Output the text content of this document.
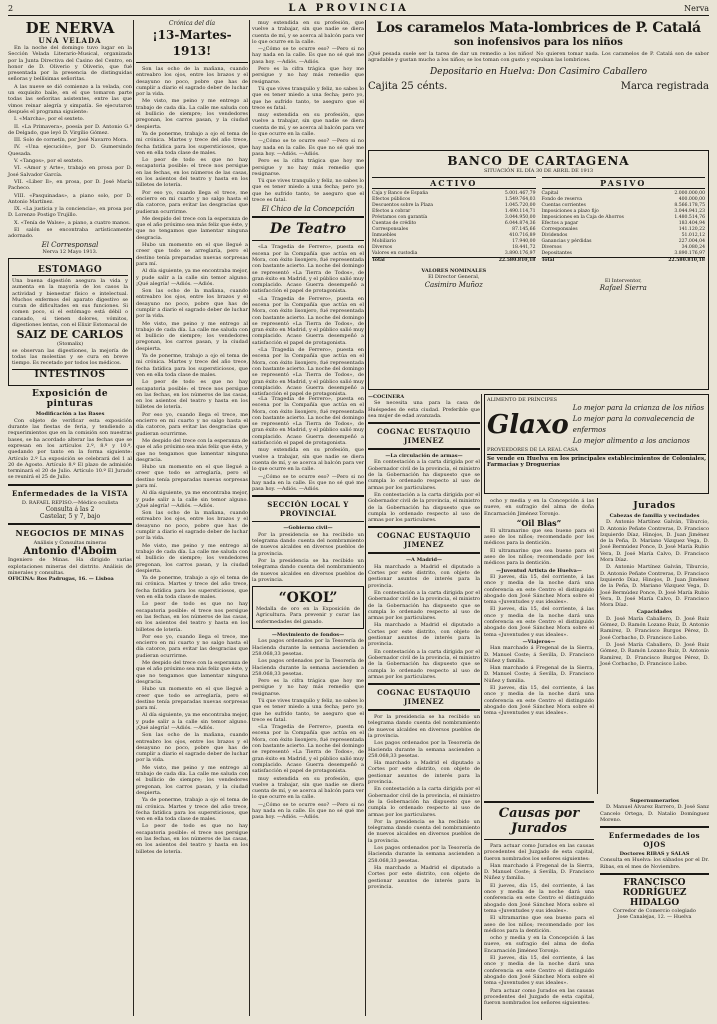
2	LA PROVINCIA	Nerva
DE NERVA
UNA VELADA

En la noche del domingo tuvo lugar en la Sección Velada Literario-Musical, organizada por la Junta Directiva del Casino del Centro, en honor de D. Oliverio y Oliverio, que fué presentada por la presencia de distinguidas señoras y bellísimas señoritas.

A las nueve se dió comienzo a la velada, con un exquisito baile, en el que tomaron parte todas las señoritas asistentes, entre las que vimos reinar alegría y simpatía. Se ejecutaron después el programa siguiente:

I. «Marcha», por el sexteto.

II. «La Primavera», poesía por D. Antonio G.ª de Delgado, que leyó D. Virgilio Gómez.

III. Solo de cornetín, por José Navarro Mora.

IV. «Una ejecución», por D. Gumersindo Quesada.

V. «Tangos», por el sexteto.

VI. «Amor y Arte», trabajo en prosa por D. José Salvador García.

VII. «Liber Il», en prosa, por D. José María Pacheco.

VIII. «Pasquinadas», a piano solo, por D. Antonio Martínez.

IX. «La justicia y la conciencia», en prosa por D. Lorenzo Postigo Trujillo.

X. «Tenía de Walse», a piano, a cuatro manos.

El salón se encontraba artísticamente adornado.

El Corresponsal
Nerva 12 Mayo 1913.
ESTOMAGO
Una buena digestión asegura la vida y aumenta en la mayoría de los casos la actividad y bienestar físico e intelectual. Muchos enfermos del aparato digestivo se curan de dificultades en sus funciones. Si comen poco, si el estómago está débil o cansado, si tienen dolores, vómitos, digestiones lentas, con el Elixir Estomacal de
SAIZ DE CARLOS
(Stomalix)
se observan las digestiones, la mejoría de todas las molestias y se cura en breve tiempo. Es recetado por todos los médicos.
INTESTINOS
Exposición de pinturas
Modificación a las Bases

Con objeto de verificar esta exposición durante las fiestas de feria, y tendiendo a requerimientos que en la comisión son nuestras bases, se ha acordado alterar las fechas que se expresan en los artículos 2.º, 8.º y 10.º, quedando por tanto en la forma siguiente: Artículo 2.º La exposición se celebrará del 1 al 20 de Agosto. Artículo 8.º El plazo de admisión terminará el 20 de Julio. Artículo 10.º El Jurado se reunirá el 25 de Julio.

Enfermedades de la VISTA
D. RAFAEL REPISO.—Médico oculista
Consulta á las 2
Castelar, 5 y 7, bajo
NEGOCIOS DE MINAS
Análisis y Consultas mineras
Antonio d'Aboim
Ingeniero de Minas. Ha dirigido varias explotaciones mineras del distrito. Análisis de minerales y consultas.
OFICINA: Ros Padrugas, 16. — Lisboa
Crónica del día
¡13-Martes-1913!

Son las ocho de la mañana, cuando entreabro los ojos, entre los brazos y el desayuno no poco, pobre que has de cumplir a diario el sagrado deber de luchar por la vida.

Me visto, me peino y me entrego al trabajo de cada día. La calle me saluda con el bullicio de siempre; los vendedores pregonan, los carros pasan, y la ciudad despierta.

Ya de ponerme, trabajo a ojo el tema de mi crónica. Martes y trece del año trece, fecha fatídica para los supersticiosos, que ven en ella toda clase de males.

Lo peor de todo es que no hay escapatoria posible: el trece nos persigue en las fechas, en los números de las casas, en los asientos del teatro y hasta en los billetes de lotería.

Por eso yo, cuando llega el trece, me encierro en mi cuarto y no salgo hasta el día catorce, para evitar las desgracias que pudieran ocurrirme.

Me despido del trece con la esperanza de que el año próximo sea más feliz que éste, y que no tengamos que lamentar ninguna desgracia.

Hubo un momento en el que llegué a creer que todo se arreglaría, pero el destino tenía preparadas nuevas sorpresas para mí.

Al día siguiente, ya me encontraba mejor, y pude salir a la calle sin temor alguno. ¡Qué alegría! —Adiós. —Adiós.

Son las ocho de la mañana, cuando entreabro los ojos, entre los brazos y el desayuno no poco, pobre que has de cumplir a diario el sagrado deber de luchar por la vida.

Me visto, me peino y me entrego al trabajo de cada día. La calle me saluda con el bullicio de siempre; los vendedores pregonan, los carros pasan, y la ciudad despierta.

Ya de ponerme, trabajo a ojo el tema de mi crónica. Martes y trece del año trece, fecha fatídica para los supersticiosos, que ven en ella toda clase de males.

Lo peor de todo es que no hay escapatoria posible: el trece nos persigue en las fechas, en los números de las casas, en los asientos del teatro y hasta en los billetes de lotería.

Por eso yo, cuando llega el trece, me encierro en mi cuarto y no salgo hasta el día catorce, para evitar las desgracias que pudieran ocurrirme.

Me despido del trece con la esperanza de que el año próximo sea más feliz que éste, y que no tengamos que lamentar ninguna desgracia.

Hubo un momento en el que llegué a creer que todo se arreglaría, pero el destino tenía preparadas nuevas sorpresas para mí.

Al día siguiente, ya me encontraba mejor, y pude salir a la calle sin temor alguno. ¡Qué alegría! —Adiós. —Adiós.

Son las ocho de la mañana, cuando entreabro los ojos, entre los brazos y el desayuno no poco, pobre que has de cumplir a diario el sagrado deber de luchar por la vida.

Me visto, me peino y me entrego al trabajo de cada día. La calle me saluda con el bullicio de siempre; los vendedores pregonan, los carros pasan, y la ciudad despierta.

Ya de ponerme, trabajo a ojo el tema de mi crónica. Martes y trece del año trece, fecha fatídica para los supersticiosos, que ven en ella toda clase de males.

Lo peor de todo es que no hay escapatoria posible: el trece nos persigue en las fechas, en los números de las casas, en los asientos del teatro y hasta en los billetes de lotería.

Por eso yo, cuando llega el trece, me encierro en mi cuarto y no salgo hasta el día catorce, para evitar las desgracias que pudieran ocurrirme.

Me despido del trece con la esperanza de que el año próximo sea más feliz que éste, y que no tengamos que lamentar ninguna desgracia.

Hubo un momento en el que llegué a creer que todo se arreglaría, pero el destino tenía preparadas nuevas sorpresas para mí.

Al día siguiente, ya me encontraba mejor, y pude salir a la calle sin temor alguno. ¡Qué alegría! —Adiós. —Adiós.

Son las ocho de la mañana, cuando entreabro los ojos, entre los brazos y el desayuno no poco, pobre que has de cumplir a diario el sagrado deber de luchar por la vida.

Me visto, me peino y me entrego al trabajo de cada día. La calle me saluda con el bullicio de siempre; los vendedores pregonan, los carros pasan, y la ciudad despierta.

Ya de ponerme, trabajo a ojo el tema de mi crónica. Martes y trece del año trece, fecha fatídica para los supersticiosos, que ven en ella toda clase de males.

Lo peor de todo es que no hay escapatoria posible: el trece nos persigue en las fechas, en los números de las casas, en los asientos del teatro y hasta en los billetes de lotería.

muy extendida en su profesión, que vuelve a trabajar, sin que nadie se diera cuenta de mí, y se acerca al balcón para ver lo que ocurre en la calle.

—¿Cómo se te ocurre eso? —Pero si no hay nada en la calle. Es que no sé qué me pasa hoy. —Adiós. —Adiós.

Pero es la cifra trágica que hoy me persigue y no hay más remedio que resignarse.

Tú que vives tranquilo y feliz, no sabes lo que es tener miedo a una fecha; pero yo, que he sufrido tanto, te aseguro que el trece es fatal.

muy extendida en su profesión, que vuelve a trabajar, sin que nadie se diera cuenta de mí, y se acerca al balcón para ver lo que ocurre en la calle.

—¿Cómo se te ocurre eso? —Pero si no hay nada en la calle. Es que no sé qué me pasa hoy. —Adiós. —Adiós.

Pero es la cifra trágica que hoy me persigue y no hay más remedio que resignarse.

Tú que vives tranquilo y feliz, no sabes lo que es tener miedo a una fecha; pero yo, que he sufrido tanto, te aseguro que el trece es fatal.

El Chico de la Concepción
De Teatro

«La Tragedia de Ferrero», puesta en escena por la Compañía que actúa en el Mora, con éxito lisonjero, fué representada con bastante acierto. La noche del domingo se representó «La Tierra de Todos», de gran éxito en Madrid, y el público salió muy complacido. Acaso Guerra desempeñó a satisfacción el papel de protagonista.

«La Tragedia de Ferrero», puesta en escena por la Compañía que actúa en el Mora, con éxito lisonjero, fué representada con bastante acierto. La noche del domingo se representó «La Tierra de Todos», de gran éxito en Madrid, y el público salió muy complacido. Acaso Guerra desempeñó a satisfacción el papel de protagonista.

«La Tragedia de Ferrero», puesta en escena por la Compañía que actúa en el Mora, con éxito lisonjero, fué representada con bastante acierto. La noche del domingo se representó «La Tierra de Todos», de gran éxito en Madrid, y el público salió muy complacido. Acaso Guerra desempeñó a satisfacción el papel de protagonista.

«La Tragedia de Ferrero», puesta en escena por la Compañía que actúa en el Mora, con éxito lisonjero, fué representada con bastante acierto. La noche del domingo se representó «La Tierra de Todos», de gran éxito en Madrid, y el público salió muy complacido. Acaso Guerra desempeñó a satisfacción el papel de protagonista.

muy extendida en su profesión, que vuelve a trabajar, sin que nadie se diera cuenta de mí, y se acerca al balcón para ver lo que ocurre en la calle.

—¿Cómo se te ocurre eso? —Pero si no hay nada en la calle. Es que no sé qué me pasa hoy. —Adiós. —Adiós.

SECCIÓN LOCAL Y PROVINCIAL
—Gobierno civil—

Por la presidencia se ha recibido un telegrama dando cuenta del nombramiento de nuevos alcaldes en diversos pueblos de la provincia.

Por la presidencia se ha recibido un telegrama dando cuenta del nombramiento de nuevos alcaldes en diversos pueblos de la provincia.

“OKOL”
Medalla de oro en la Exposición de Agricultura. Para prevenir y curar las enfermedades del ganado.
—Movimiento de fondos—

Los pagos ordenados por la Tesorería de Hacienda durante la semana ascienden a 258.068,33 pesetas.

Los pagos ordenados por la Tesorería de Hacienda durante la semana ascienden a 258.068,33 pesetas.

Pero es la cifra trágica que hoy me persigue y no hay más remedio que resignarse.

Tú que vives tranquilo y feliz, no sabes lo que es tener miedo a una fecha; pero yo, que he sufrido tanto, te aseguro que el trece es fatal.

«La Tragedia de Ferrero», puesta en escena por la Compañía que actúa en el Mora, con éxito lisonjero, fué representada con bastante acierto. La noche del domingo se representó «La Tierra de Todos», de gran éxito en Madrid, y el público salió muy complacido. Acaso Guerra desempeñó a satisfacción el papel de protagonista.

muy extendida en su profesión, que vuelve a trabajar, sin que nadie se diera cuenta de mí, y se acerca al balcón para ver lo que ocurre en la calle.

—¿Cómo se te ocurre eso? —Pero si no hay nada en la calle. Es que no sé qué me pasa hoy. —Adiós. —Adiós.

Los caramelos Mata-lombrices de P. Catalá
son inofensivos para los niños
¡Qué pesada suele ser la tarea de dar un remedio a los niños! No quieren tomar nada. Los caramelos de P. Catalá son de sabor agradable y gustan mucho a los niños; se los toman con gusto y expulsan las lombrices.
Depositario en Huelva: Don Casimiro Caballero
Cajita 25 cénts.	Marca registrada
BANCO DE CARTAGENA
SITUACIÓN EL DÍA 30 DE ABRIL DE 1913
ACTIVO
Caja y Banco de España	5.001.467,79
Efectos públicos	1.549.764,03
Descuentos sobre la Plaza	1.045.720,00
Efectos a cobrar	1.490.114,71
Préstamos con garantía	3.044.950,00
Cuentas de crédito	6.044.874,36
Corresponsales	87.145,66
Inmuebles	410.716,89
Mobiliario	17.940,00
Diversos	18.441,72
Valores en custodia	3.890.176,97
Total	22.580.810,18
VALORES NOMINALES
El Director General,
Casimiro Muñoz
PASIVO
Capital	2.000.000,00
Fondo de reserva	400.000,00
Cuentas corrientes	8.566.178,75
Imposiciones a plazo fijo	3.044.941,23
Imposiciones en la Caja de Ahorros	1.480.514,76
Efectos a pagar	183.404,94
Corresponsales	141.120,22
Dividendos	51.012,12
Ganancias y pérdidas	227.004,04
Diversos	34.080,24
Depositantes	3.890.176,97
Total	22.580.810,18
El Interventor,
Rafael Sierra
—COCINERA

Se necesita una para la casa de Huéspedes de esta ciudad. Preferible que sea mujer de edad avanzada.

COGNAC EUSTAQUIO JIMENEZ
—La circulación de armas—

En contestación a la carta dirigida por el Gobernador civil de la provincia, el ministro de la Gobernación ha dispuesto que se cumpla lo ordenado respecto al uso de armas por los particulares.

En contestación a la carta dirigida por el Gobernador civil de la provincia, el ministro de la Gobernación ha dispuesto que se cumpla lo ordenado respecto al uso de armas por los particulares.

COGNAC EUSTAQUIO JIMENEZ
—A Madrid—

Ha marchado a Madrid el diputado a Cortes por este distrito, con objeto de gestionar asuntos de interés para la provincia.

En contestación a la carta dirigida por el Gobernador civil de la provincia, el ministro de la Gobernación ha dispuesto que se cumpla lo ordenado respecto al uso de armas por los particulares.

Ha marchado a Madrid el diputado a Cortes por este distrito, con objeto de gestionar asuntos de interés para la provincia.

En contestación a la carta dirigida por el Gobernador civil de la provincia, el ministro de la Gobernación ha dispuesto que se cumpla lo ordenado respecto al uso de armas por los particulares.

COGNAC EUSTAQUIO JIMENEZ

Por la presidencia se ha recibido un telegrama dando cuenta del nombramiento de nuevos alcaldes en diversos pueblos de la provincia.

Los pagos ordenados por la Tesorería de Hacienda durante la semana ascienden a 258.068,33 pesetas.

Ha marchado a Madrid el diputado a Cortes por este distrito, con objeto de gestionar asuntos de interés para la provincia.

En contestación a la carta dirigida por el Gobernador civil de la provincia, el ministro de la Gobernación ha dispuesto que se cumpla lo ordenado respecto al uso de armas por los particulares.

Por la presidencia se ha recibido un telegrama dando cuenta del nombramiento de nuevos alcaldes en diversos pueblos de la provincia.

Los pagos ordenados por la Tesorería de Hacienda durante la semana ascienden a 258.068,33 pesetas.

Ha marchado a Madrid el diputado a Cortes por este distrito, con objeto de gestionar asuntos de interés para la provincia.

ALIMENTO DE PRÍNCIPES
Glaxo
Lo mejor para la crianza de los niños
Lo mejor para la convalecencia de enfermos
Lo mejor alimento a los ancianos
PROVEEDORES DE LA REAL CASA
Se vende en Huelva en los principales establecimientos de Coloniales, Farmacias y Droguerías

ocho y media y en la Concepción á las nueve, en sufragio del alma de doña Encarnación Jiménez Toronjo.

“Oil Blas”

El ultramarino que sea bueno para el aseo de los niños; recomendado por los médicos para la dentición.

El ultramarino que sea bueno para el aseo de los niños; recomendado por los médicos para la dentición.

—Juventud Artista de Huelva—

El jueves, día 15, del corriente, á las once y media de la noche dará una conferencia en este Centro el distinguido abogado don José Sánchez Mora sobre el tema «Juventudes y sus ideales».

El jueves, día 15, del corriente, á las once y media de la noche dará una conferencia en este Centro el distinguido abogado don José Sánchez Mora sobre el tema «Juventudes y sus ideales».

—Viajeros—

Han marchado á Fregenal de la Sierra, D. Manuel Coste; á Sevilla, D. Francisco Núñez y familia.

Han marchado á Fregenal de la Sierra, D. Manuel Coste; á Sevilla, D. Francisco Núñez y familia.

El jueves, día 15, del corriente, á las once y media de la noche dará una conferencia en este Centro el distinguido abogado don José Sánchez Mora sobre el tema «Juventudes y sus ideales».

Jurados
Cabezas de familia y vecindades

D. Antonio Martínez Galván, Tiburcio, D. Antonio Peñate Contreras, D. Francisco Izquierdo Díaz, Hinojos, D. Juan Jiménez de la Peña, D. Mariano Vázquez Vega, D. José Bermúdez Ponce, D. José María Rubio Vera, D. José María Calvo, D. Francisco Mora Díaz.

D. Antonio Martínez Galván, Tiburcio, D. Antonio Peñate Contreras, D. Francisco Izquierdo Díaz, Hinojos, D. Juan Jiménez de la Peña, D. Mariano Vázquez Vega, D. José Bermúdez Ponce, D. José María Rubio Vera, D. José María Calvo, D. Francisco Mora Díaz.

Capacidades

D. José María Caballero, D. José Ruiz Gómez, D. Ramón Lozano Ruiz, D. Antonio Ramírez, D. Francisco Burgos Pérez, D. José Corbacho, D. Francisco Lobo.

D. José María Caballero, D. José Ruiz Gómez, D. Ramón Lozano Ruiz, D. Antonio Ramírez, D. Francisco Burgos Pérez, D. José Corbacho, D. Francisco Lobo.

Causas por Jurados

Para actuar como Jurados en las causas procedentes del Juzgado de esta capital, fueron nombrados los señores siguientes:

Han marchado á Fregenal de la Sierra, D. Manuel Coste; á Sevilla, D. Francisco Núñez y familia.

El jueves, día 15, del corriente, á las once y media de la noche dará una conferencia en este Centro el distinguido abogado don José Sánchez Mora sobre el tema «Juventudes y sus ideales».

El ultramarino que sea bueno para el aseo de los niños; recomendado por los médicos para la dentición.

ocho y media y en la Concepción á las nueve, en sufragio del alma de doña Encarnación Jiménez Toronjo.

El jueves, día 15, del corriente, á las once y media de la noche dará una conferencia en este Centro el distinguido abogado don José Sánchez Mora sobre el tema «Juventudes y sus ideales».

Para actuar como Jurados en las causas procedentes del Juzgado de esta capital, fueron nombrados los señores siguientes:

Supernumerarios

D. Manuel Álvarez Barrero, D. José Sanz Cancelo Ortega, D. Natalio Domínguez Moreno.

Enfermedades de los OJOS
Doctores RIBAS y SALAS
Consulta en Huelva: los sábados por el Dr. Ribas, en el mes de Noviembre.
FRANCISCO RODRÍGUEZ HIDALGO
Corredor de Comercio colegiado
Jose Canalejas, 12. — Huelva
